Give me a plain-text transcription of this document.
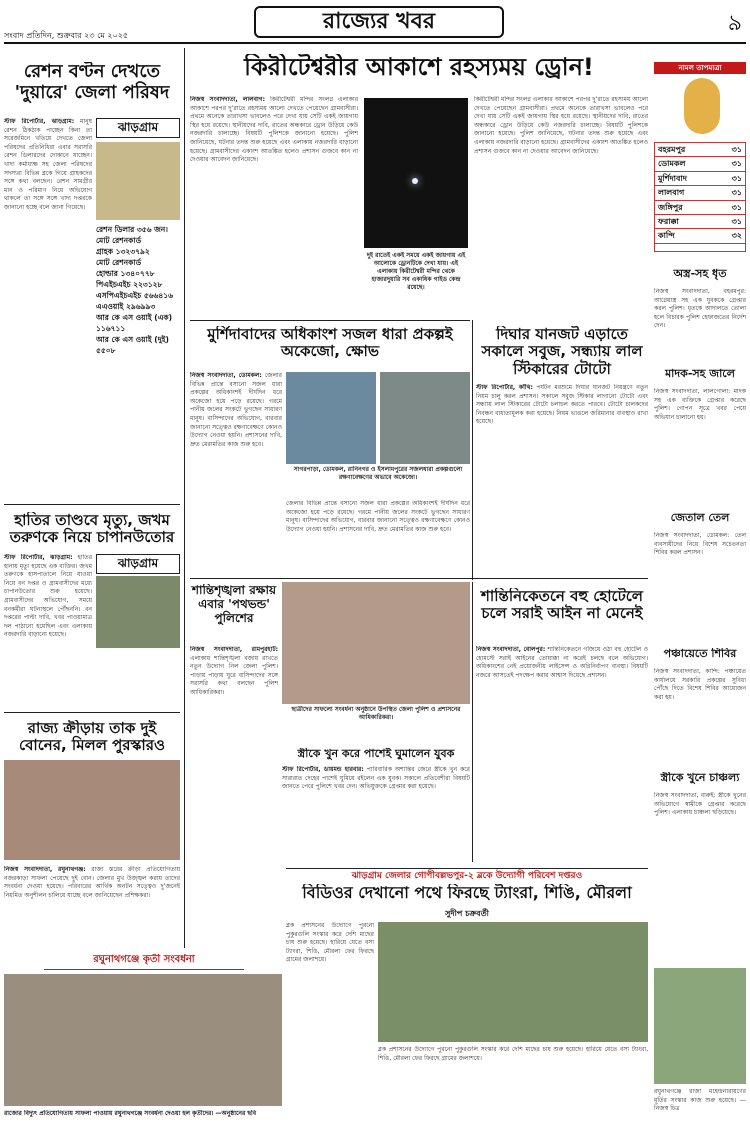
সংবাদ প্রতিদিন, শুক্রবার ২৩ মে ২০২৫
রাজ্যের খবর	৯
রেশন বণ্টন দেখতে 'দুয়ারে' জেলা পরিষদ
স্টাফ রিপোর্টার, ঝাড়গ্রাম: মানুষ রেশন ঠিকঠাক পাচ্ছেন কিনা তা সরেজমিনে খতিয়ে দেখতে জেলা পরিষদের প্রতিনিধিরা এবার সরাসরি রেশন ডিলারদের দোকানে যাচ্ছেন। খাদ্য কর্মাধ্যক্ষ সহ জেলা পরিষদের সদস্যরা বিভিন্ন ব্লকে গিয়ে গ্রাহকদের সঙ্গে কথা বলছেন। রেশন সামগ্রীর মান ও পরিমাণ নিয়ে অভিযোগ থাকলে তা সঙ্গে সঙ্গে খাদ্য দপ্তরকে জানানো হচ্ছে বলে জানা গিয়েছে।
ঝাড়গ্রাম
রেশন ডিলার ৩৫৬ জন।
মোট রেশনকার্ড
গ্রাহক ১৩২৩৭৯২
মোট রেশনকার্ড
হোল্ডার ১৩৪০৭৭৮
পিএইচএইচ ২২৩১২৮
এসপিএইচএইচ ৫৬৬৪১৬
এএওয়াই ২৯৬৯৯৩
আর কে এস ওয়াই (এক) ১১৬৭১১
আর কে এস ওয়াই (দুই) ৫৫০৮
হাতির তাণ্ডবে মৃত্যু, জখম তরুণকে নিয়ে চাপানউতোর
স্টাফ রিপোর্টার, ঝাড়গ্রাম: হাতির হানায় মৃত্যু হয়েছে এক ব্যক্তির। জখম তরুণকে হাসপাতালে নিয়ে যাওয়া নিয়ে বন দপ্তর ও গ্রামবাসীদের মধ্যে চাপানউতোর শুরু হয়েছে। গ্রামবাসীদের অভিযোগ, সময়ে বনকর্মীরা ঘটনাস্থলে পৌঁছননি। বন দপ্তরের পাল্টা দাবি, খবর পাওয়ামাত্র দল পাঠানো হয়েছিল এবং এলাকায় নজরদারি বাড়ানো হয়েছে।
ঝাড়গ্রাম
রাজ্য ক্রীড়ায় তাক দুই বোনের, মিলল পুরস্কারও
নিজস্ব সংবাদদাতা, রঘুনাথগঞ্জ: রাজ্য স্তরের ক্রীড়া প্রতিযোগিতায় নজরকাড়া সাফল্য পেয়েছে দুই বোন। জেলার মুখ উজ্জ্বল করায় তাদের সংবর্ধনা দেওয়া হয়েছে। পরিবারের আর্থিক অনটন সত্ত্বেও দু’জনেই নিয়মিত অনুশীলন চালিয়ে যাচ্ছে বলে জানিয়েছেন প্রশিক্ষকরা।
রঘুনাথগঞ্জে কৃতী সংবর্ধনা
রাজ্যের বিদ্যুৎ প্রতিযোগিতায় সাফল্য পাওয়ায় রঘুনাথগঞ্জে সংবর্ধনা দেওয়া হল কৃতীদের। —অনুষ্ঠানের ছবি
কিরীটেশ্বরীর আকাশে রহস্যময় ড্রোন!
নিজস্ব সংবাদদাতা, লালবাগ: কিরীটেশ্বরী মন্দির সংলগ্ন এলাকার আকাশে পরপর দু’রাতে রহস্যময় আলো দেখতে পেয়েছেন গ্রামবাসীরা। প্রথমে অনেকে তারাখসা ভাবলেও পরে দেখা যায় সেটি একই জায়গায় স্থির হয়ে রয়েছে। স্থানীয়দের দাবি, রাতের অন্ধকারে ড্রোন উড়িয়ে কেউ নজরদারি চালাচ্ছে। বিষয়টি পুলিশকে জানানো হয়েছে। পুলিশ জানিয়েছে, ঘটনার তদন্ত শুরু হয়েছে এবং এলাকায় নজরদারি বাড়ানো হয়েছে। গ্রামবাসীদের একাংশ আতঙ্কিত হলেও প্রশাসন গুজবে কান না দেওয়ার আবেদন জানিয়েছে।
দুই রাতেই একই সময়ে একই জায়গায় এই আলোকে ড্রোনটিকে দেখা যায়। এই এলাকায় কিরীটেশ্বরী মন্দির থেকে হাজারদুয়ারি সব একাধিক গাইড কেন্দ্র রয়েছে।
কিরীটেশ্বরী মন্দির সংলগ্ন এলাকার আকাশে পরপর দু’রাতে রহস্যময় আলো দেখতে পেয়েছেন গ্রামবাসীরা। প্রথমে অনেকে তারাখসা ভাবলেও পরে দেখা যায় সেটি একই জায়গায় স্থির হয়ে রয়েছে। স্থানীয়দের দাবি, রাতের অন্ধকারে ড্রোন উড়িয়ে কেউ নজরদারি চালাচ্ছে। বিষয়টি পুলিশকে জানানো হয়েছে। পুলিশ জানিয়েছে, ঘটনার তদন্ত শুরু হয়েছে এবং এলাকায় নজরদারি বাড়ানো হয়েছে। গ্রামবাসীদের একাংশ আতঙ্কিত হলেও প্রশাসন গুজবে কান না দেওয়ার আবেদন জানিয়েছে।
নামল তাপমাত্রা
বহরমপুর	৩১
ডোমকল	৩১
মুর্শিদাবাদ	৩১
লালবাগ	৩১
জঙ্গিপুর	৩১
ফরাক্কা	৩১
কান্দি	৩২
অস্ত্র-সহ ধৃত
নিজস্ব সংবাদদাতা, বহরমপুর: আগ্নেয়াস্ত্র সহ এক যুবককে গ্রেপ্তার করল পুলিশ। ধৃতকে আদালতে তোলা হলে বিচারক পুলিশ হেফাজতের নির্দেশ দেন।
মাদক-সহ জালে
নিজস্ব সংবাদদাতা, লালগোলা: মাদক সহ এক ব্যক্তিকে গ্রেপ্তার করেছে পুলিশ। গোপন সূত্রে খবর পেয়ে অভিযান চালানো হয়।
জেতাল তেল
নিজস্ব সংবাদদাতা, ডোমকল: তেল ব্যবসায়ীদের নিয়ে বিশেষ সচেতনতা শিবির করল প্রশাসন।
পঞ্চায়েতে শিবির
নিজস্ব সংবাদদাতা, কান্দি: পঞ্চায়েত কার্যালয়ে সরকারি প্রকল্পের সুবিধা পৌঁছে দিতে বিশেষ শিবির আয়োজন করা হয়।
স্ত্রীকে খুনে চাঞ্চল্য
নিজস্ব সংবাদদাতা, বারুই: স্ত্রীকে খুনের অভিযোগে স্বামীকে গ্রেপ্তার করেছে পুলিশ। এলাকায় চাঞ্চল্য ছড়িয়েছে।
মুর্শিদাবাদের অধিকাংশ সজল ধারা প্রকল্পই অকেজো, ক্ষোভ
নিজস্ব সংবাদদাতা, ডোমকল: জেলার বিভিন্ন প্রান্তে বসানো সজল ধারা প্রকল্পের অধিকাংশই দীর্ঘদিন ধরে অকেজো হয়ে পড়ে রয়েছে। গরমে পানীয় জলের সংকটে ভুগছেন সাধারণ মানুষ। বাসিন্দাদের অভিযোগ, বারবার জানানো সত্ত্বেও রক্ষণাবেক্ষণে কোনও উদ্যোগ নেওয়া হয়নি। প্রশাসনের দাবি, দ্রুত মেরামতির কাজ শুরু হবে।
সাগরপাড়া, ডোমকল, রানিনগর ও ইসলামপুরের সজলধারা প্রকল্পগুলো রক্ষণাবেক্ষণের অভাবে অকেজো।
জেলার বিভিন্ন প্রান্তে বসানো সজল ধারা প্রকল্পের অধিকাংশই দীর্ঘদিন ধরে অকেজো হয়ে পড়ে রয়েছে। গরমে পানীয় জলের সংকটে ভুগছেন সাধারণ মানুষ। বাসিন্দাদের অভিযোগ, বারবার জানানো সত্ত্বেও রক্ষণাবেক্ষণে কোনও উদ্যোগ নেওয়া হয়নি। প্রশাসনের দাবি, দ্রুত মেরামতির কাজ শুরু হবে।
দিঘার যানজট এড়াতে সকালে সবুজ, সন্ধ্যায় লাল স্টিকারের টোটো
স্টাফ রিপোর্টার, কাঁথি: পর্যটন মরশুমে দিঘার যানজট নিয়ন্ত্রণে নতুন নিয়ম চালু করল প্রশাসন। সকালে সবুজ স্টিকার লাগানো টোটো এবং সন্ধ্যায় লাল স্টিকারের টোটো চলাচল করতে পারবে। টোটো চালকদের নিবন্ধন বাধ্যতামূলক করা হয়েছে। নিয়ম ভাঙলে জরিমানার ব্যবস্থাও রাখা হয়েছে।
শান্তিশৃঙ্খলা রক্ষায় এবার 'পথভন্ড' পুলিশের
নিজস্ব সংবাদদাতা, রামপুরহাট: এলাকায় শান্তিশৃঙ্খলা বজায় রাখতে নতুন উদ্যোগ নিল জেলা পুলিশ। পাড়ায় পাড়ায় ঘুরে বাসিন্দাদের সঙ্গে সরাসরি কথা বলছেন পুলিশ আধিকারিকরা।
ছাত্রীদের সাফল্যে সংবর্ধনা অনুষ্ঠানে উপস্থিত জেলা পুলিশ ও প্রশাসনের আধিকারিকরা।
স্ত্রীকে খুন করে পাশেই ঘুমালেন যুবক
স্টাফ রিপোর্টার, ডায়মন্ড হারবার: পারিবারিক অশান্তির জেরে স্ত্রীকে খুন করে সারারাত দেহের পাশেই ঘুমিয়ে রইলেন এক যুবক। সকালে প্রতিবেশীরা বিষয়টি জানতে পেরে পুলিশে খবর দেন। অভিযুক্তকে গ্রেপ্তার করা হয়েছে।
শান্তিনিকেতনে বহু হোটেলে চলে সরাই আইন না মেনেই
নিজস্ব সংবাদদাতা, বোলপুর: শান্তিনিকেতনে গজিয়ে ওঠা বহু হোটেল ও হোমস্টে সরাই আইনের তোয়াক্কা না করেই চলছে বলে অভিযোগ। অধিকাংশের নেই প্রয়োজনীয় লাইসেন্স ও অগ্নিনির্বাপণ ব্যবস্থা। বিষয়টি নজরে আসতেই পদক্ষেপ করার আশ্বাস দিয়েছে প্রশাসন।
ঝাড়গ্রাম জেলার গোপীবল্লভপুর-২ ব্লকে উদ্যোগী পরিবেশ দপ্তরও
বিডিওর দেখানো পথে ফিরছে ট্যাংরা, শিঙি, মৌরলা
সুদীপ চক্রবর্তী
ব্লক প্রশাসনের উদ্যোগে পুরনো পুকুরগুলি সংস্কার করে দেশি মাছের চাষ শুরু হয়েছে। হারিয়ে যেতে বসা ট্যাংরা, শিঙি, মৌরলা ফের ফিরছে গ্রামের জলাশয়ে।
ব্লক প্রশাসনের উদ্যোগে পুরনো পুকুরগুলি সংস্কার করে দেশি মাছের চাষ শুরু হয়েছে। হারিয়ে যেতে বসা ট্যাংরা, শিঙি, মৌরলা ফের ফিরছে গ্রামের জলাশয়ে।
রঘুনাথগঞ্জে রাজা মহেন্দ্রনারায়ণের মূর্তির সংস্কার কাজ শুরু হয়েছে। —নিজস্ব চিত্র
